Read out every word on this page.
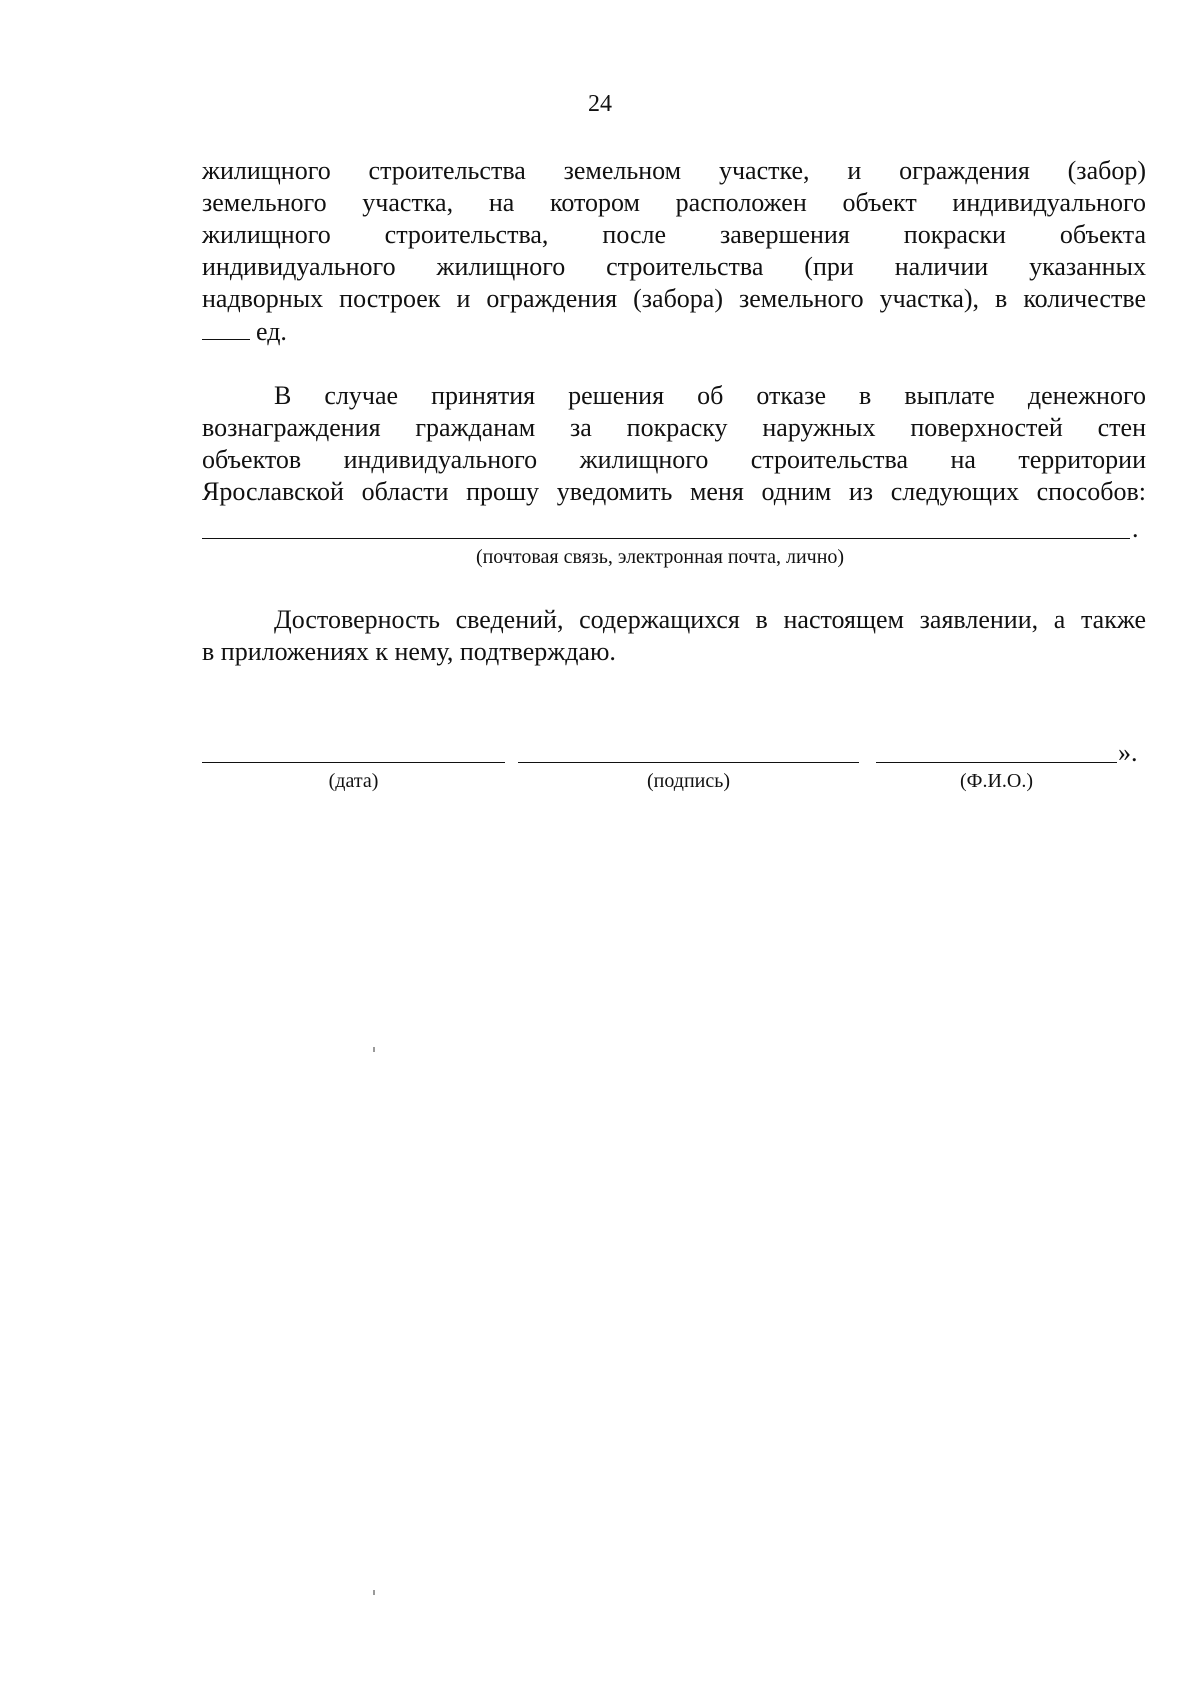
24
жилищного строительства земельном участке, и ограждения (забор)
земельного участка, на котором расположен объект индивидуального
жилищного строительства, после завершения покраски объекта
индивидуального жилищного строительства (при наличии указанных
надворных построек и ограждения (забора) земельного участка), в количестве
ед.
В случае принятия решения об отказе в выплате денежного
вознаграждения гражданам за покраску наружных поверхностей стен
объектов индивидуального жилищного строительства на территории
Ярославской области прошу уведомить меня одним из следующих способов:
.
(почтовая связь, электронная почта, лично)
Достоверность сведений, содержащихся в настоящем заявлении, а также
в приложениях к нему, подтверждаю.
».
(дата)	(подпись)	(Ф.И.О.)
